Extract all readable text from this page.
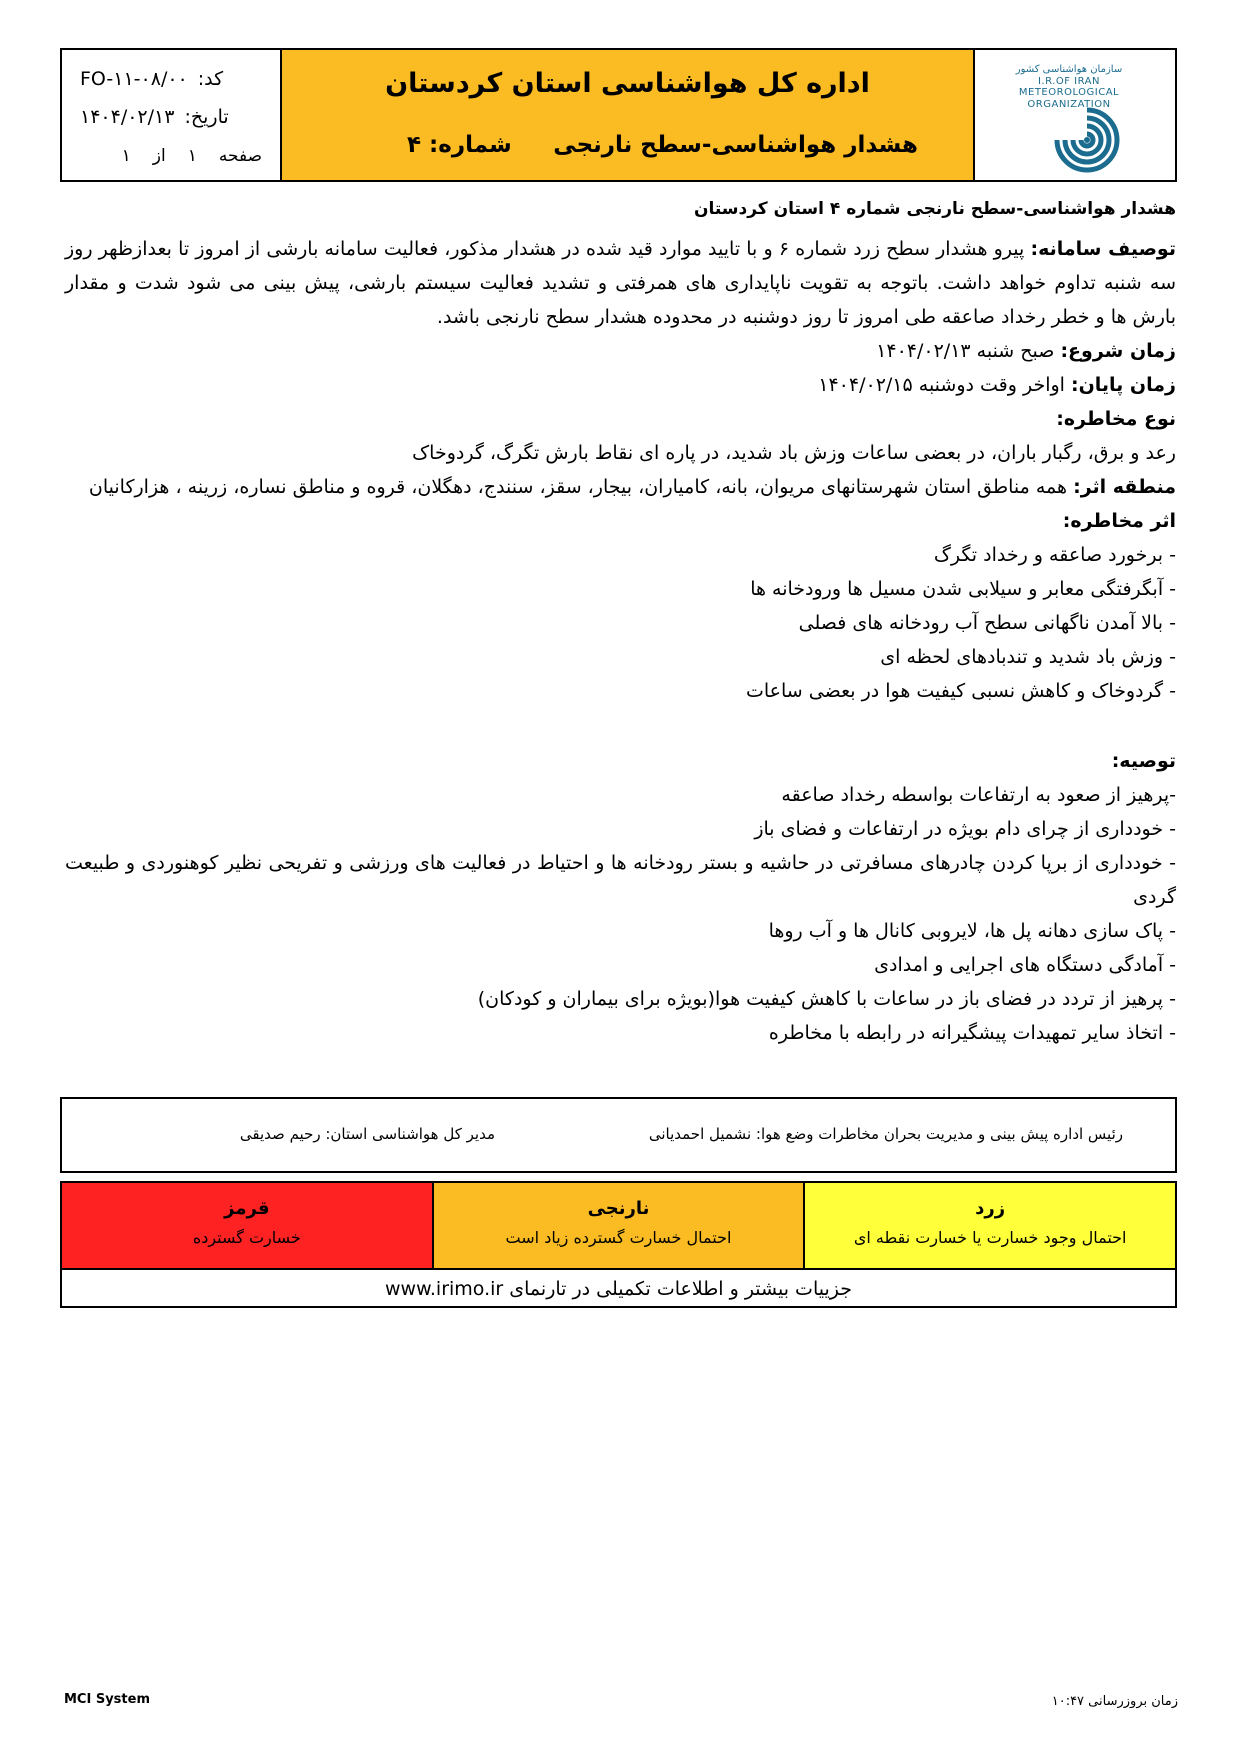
کد:
FO-۱۱-۰۸/۰۰
تاریخ:
۱۴۰۴/۰۲/۱۳
صفحه
۱
از
۱
اداره کل هواشناسی استان کردستان
هشدار هواشناسی-سطح نارنجی
شماره: ۴
سازمان هواشناسی کشور
I.R.OF IRAN
METEOROLOGICAL
ORGANIZATION
هشدار هواشناسی-سطح نارنجی شماره ۴ استان کردستان
توصیف سامانه: پیرو هشدار سطح زرد شماره ۶ و با تایید موارد قید شده در هشدار مذکور، فعالیت سامانه بارشی از امروز تا بعدازظهر روز سه شنبه تداوم خواهد داشت. باتوجه به تقویت ناپایداری های همرفتی و تشدید فعالیت سیستم بارشی، پیش بینی می شود شدت و مقدار بارش ها و خطر رخداد صاعقه طی امروز تا روز دوشنبه در محدوده هشدار سطح نارنجی باشد.
زمان شروع: صبح شنبه ۱۴۰۴/۰۲/۱۳
زمان پایان: اواخر وقت دوشنبه ۱۴۰۴/۰۲/۱۵
نوع مخاطره:
رعد و برق، رگبار باران، در بعضی ساعات وزش باد شدید، در پاره ای نقاط بارش تگرگ، گردوخاک
منطقه اثر: همه مناطق استان شهرستانهای مریوان، بانه، کامیاران، بیجار، سقز، سنندج، دهگلان، قروه و مناطق نساره، زرینه ، هزارکانیان
اثر مخاطره:
- برخورد صاعقه و رخداد تگرگ
- آبگرفتگی معابر و سیلابی شدن مسیل ها ورودخانه ها
- بالا آمدن ناگهانی سطح آب رودخانه های فصلی
- وزش باد شدید و تندبادهای لحظه ای
- گردوخاک و کاهش نسبی کیفیت هوا در بعضی ساعات
توصیه:
-پرهیز از صعود به ارتفاعات بواسطه رخداد صاعقه
- خودداری از چرای دام بویژه در ارتفاعات و فضای باز
- خودداری از برپا کردن چادرهای مسافرتی در حاشیه و بستر رودخانه ها و احتیاط در فعالیت های ورزشی و تفریحی نظیر کوهنوردی و طبیعت گردی
- پاک سازی دهانه پل ها، لایروبی کانال ها و آب روها
- آمادگی دستگاه های اجرایی و امدادی
- پرهیز از تردد در فضای باز در ساعات با کاهش کیفیت هوا(بویژه برای بیماران و کودکان)
- اتخاذ سایر تمهیدات پیشگیرانه در رابطه با مخاطره
رئیس اداره پیش بینی و مدیریت بحران مخاطرات وضع هوا: نشمیل احمدیانی
مدیر کل هواشناسی استان: رحیم صدیقی
زرد
احتمال وجود خسارت یا خسارت نقطه ای
نارنجی
احتمال خسارت گسترده زیاد است
قرمز
خسارت گسترده
جزییات بیشتر و اطلاعات تکمیلی در تارنمای www.irimo.ir
MCI System	زمان بروزرسانی ۱۰:۴۷
